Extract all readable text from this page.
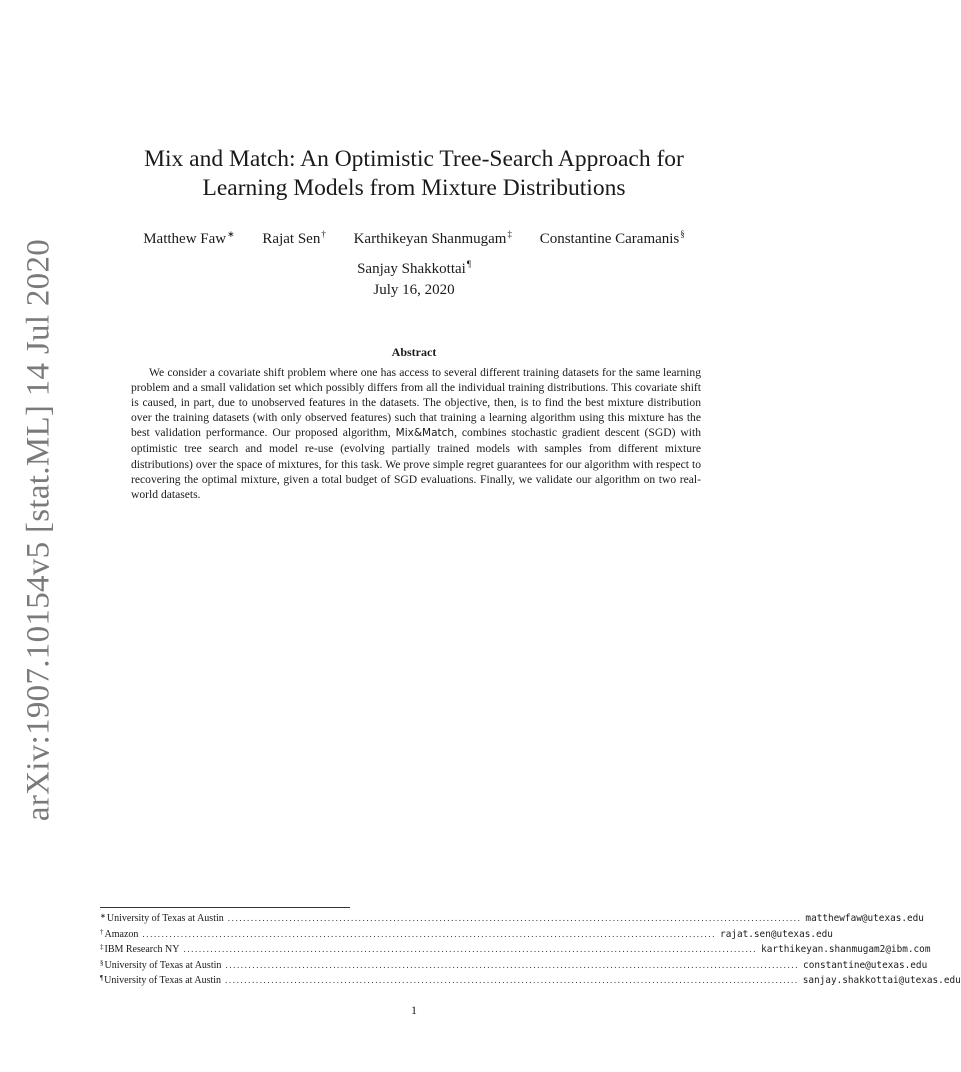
arXiv:1907.10154v5 [stat.ML] 14 Jul 2020
Mix and Match: An Optimistic Tree-Search Approach for
Learning Models from Mixture Distributions
Matthew Faw∗ Rajat Sen† Karthikeyan Shanmugam‡ Constantine Caramanis§
Sanjay Shakkottai¶
July 16, 2020
Abstract

We consider a covariate shift problem where one has access to several different training datasets for the same learning problem and a small validation set which possibly differs from all the individual training distributions. This covariate shift is caused, in part, due to unobserved features in the datasets. The objective, then, is to find the best mixture distribution over the training datasets (with only observed features) such that training a learning algorithm using this mixture has the best validation performance. Our proposed algorithm, Mix&Match, combines stochastic gradient descent (SGD) with optimistic tree search and model re-use (evolving partially trained models with samples from different mixture distributions) over the space of mixtures, for this task. We prove simple regret guarantees for our algorithm with respect to recovering the optimal mixture, given a total budget of SGD evaluations. Finally, we validate our algorithm on two real-world datasets.

∗University of Texas at Austin ..................................................................................................................................................... matthewfaw@utexas.edu
†Amazon ..................................................................................................................................................... rajat.sen@utexas.edu
‡IBM Research NY ..................................................................................................................................................... karthikeyan.shanmugam2@ibm.com
§University of Texas at Austin ..................................................................................................................................................... constantine@utexas.edu
¶University of Texas at Austin ..................................................................................................................................................... sanjay.shakkottai@utexas.edu
1
